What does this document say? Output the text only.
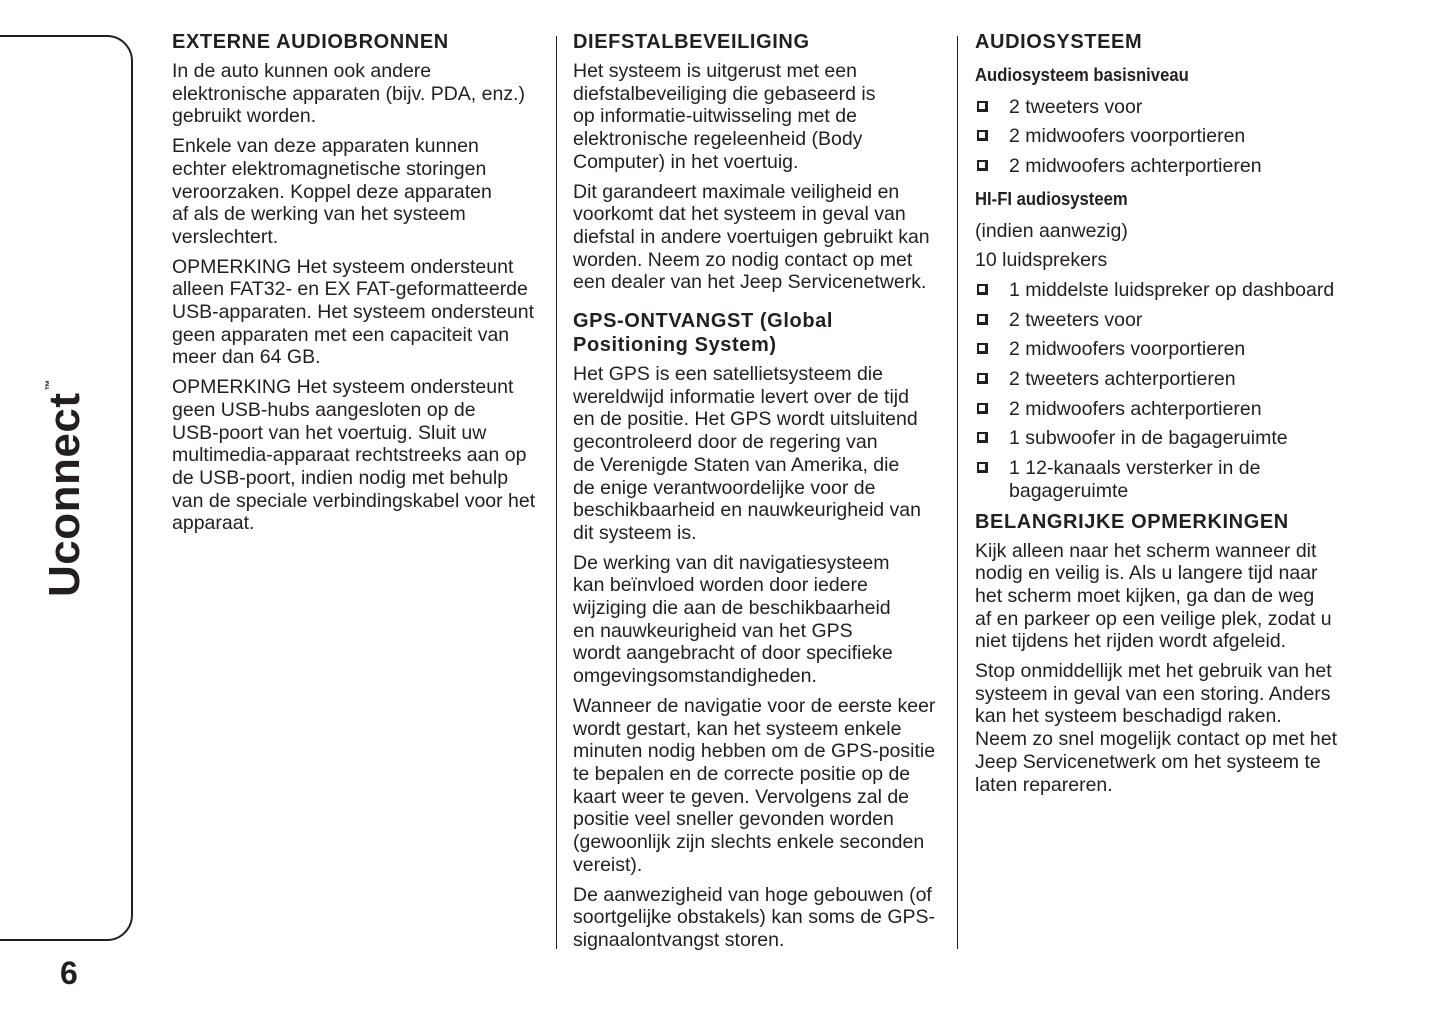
Uconnect™
6
EXTERNE AUDIOBRONNEN
In de auto kunnen ook andere
elektronische apparaten (bijv. PDA, enz.)
gebruikt worden.
Enkele van deze apparaten kunnen
echter elektromagnetische storingen
veroorzaken. Koppel deze apparaten
af als de werking van het systeem
verslechtert.
OPMERKING Het systeem ondersteunt
alleen FAT32- en EX FAT-geformatteerde
USB-apparaten. Het systeem ondersteunt
geen apparaten met een capaciteit van
meer dan 64 GB.
OPMERKING Het systeem ondersteunt
geen USB-hubs aangesloten op de
USB-poort van het voertuig. Sluit uw
multimedia-apparaat rechtstreeks aan op
de USB-poort, indien nodig met behulp
van de speciale verbindingskabel voor het
apparaat.
DIEFSTALBEVEILIGING
Het systeem is uitgerust met een
diefstalbeveiliging die gebaseerd is
op informatie-uitwisseling met de
elektronische regeleenheid (Body
Computer) in het voertuig.
Dit garandeert maximale veiligheid en
voorkomt dat het systeem in geval van
diefstal in andere voertuigen gebruikt kan
worden. Neem zo nodig contact op met
een dealer van het Jeep Servicenetwerk.
GPS-ONTVANGST (Global
Positioning System)
Het GPS is een satellietsysteem die
wereldwijd informatie levert over de tijd
en de positie. Het GPS wordt uitsluitend
gecontroleerd door de regering van
de Verenigde Staten van Amerika, die
de enige verantwoordelijke voor de
beschikbaarheid en nauwkeurigheid van
dit systeem is.
De werking van dit navigatiesysteem
kan beïnvloed worden door iedere
wijziging die aan de beschikbaarheid
en nauwkeurigheid van het GPS
wordt aangebracht of door specifieke
omgevingsomstandigheden.
Wanneer de navigatie voor de eerste keer
wordt gestart, kan het systeem enkele
minuten nodig hebben om de GPS-positie
te bepalen en de correcte positie op de
kaart weer te geven. Vervolgens zal de
positie veel sneller gevonden worden
(gewoonlijk zijn slechts enkele seconden
vereist).
De aanwezigheid van hoge gebouwen (of
soortgelijke obstakels) kan soms de GPS-
signaalontvangst storen.
AUDIOSYSTEEM
Audiosysteem basisniveau
2 tweeters voor
2 midwoofers voorportieren
2 midwoofers achterportieren
HI-FI audiosysteem
(indien aanwezig)
10 luidsprekers
1 middelste luidspreker op dashboard
2 tweeters voor
2 midwoofers voorportieren
2 tweeters achterportieren
2 midwoofers achterportieren
1 subwoofer in de bagageruimte
1 12-kanaals versterker in de
bagageruimte
BELANGRIJKE OPMERKINGEN
Kijk alleen naar het scherm wanneer dit
nodig en veilig is. Als u langere tijd naar
het scherm moet kijken, ga dan de weg
af en parkeer op een veilige plek, zodat u
niet tijdens het rijden wordt afgeleid.
Stop onmiddellijk met het gebruik van het
systeem in geval van een storing. Anders
kan het systeem beschadigd raken.
Neem zo snel mogelijk contact op met het
Jeep Servicenetwerk om het systeem te
laten repareren.
